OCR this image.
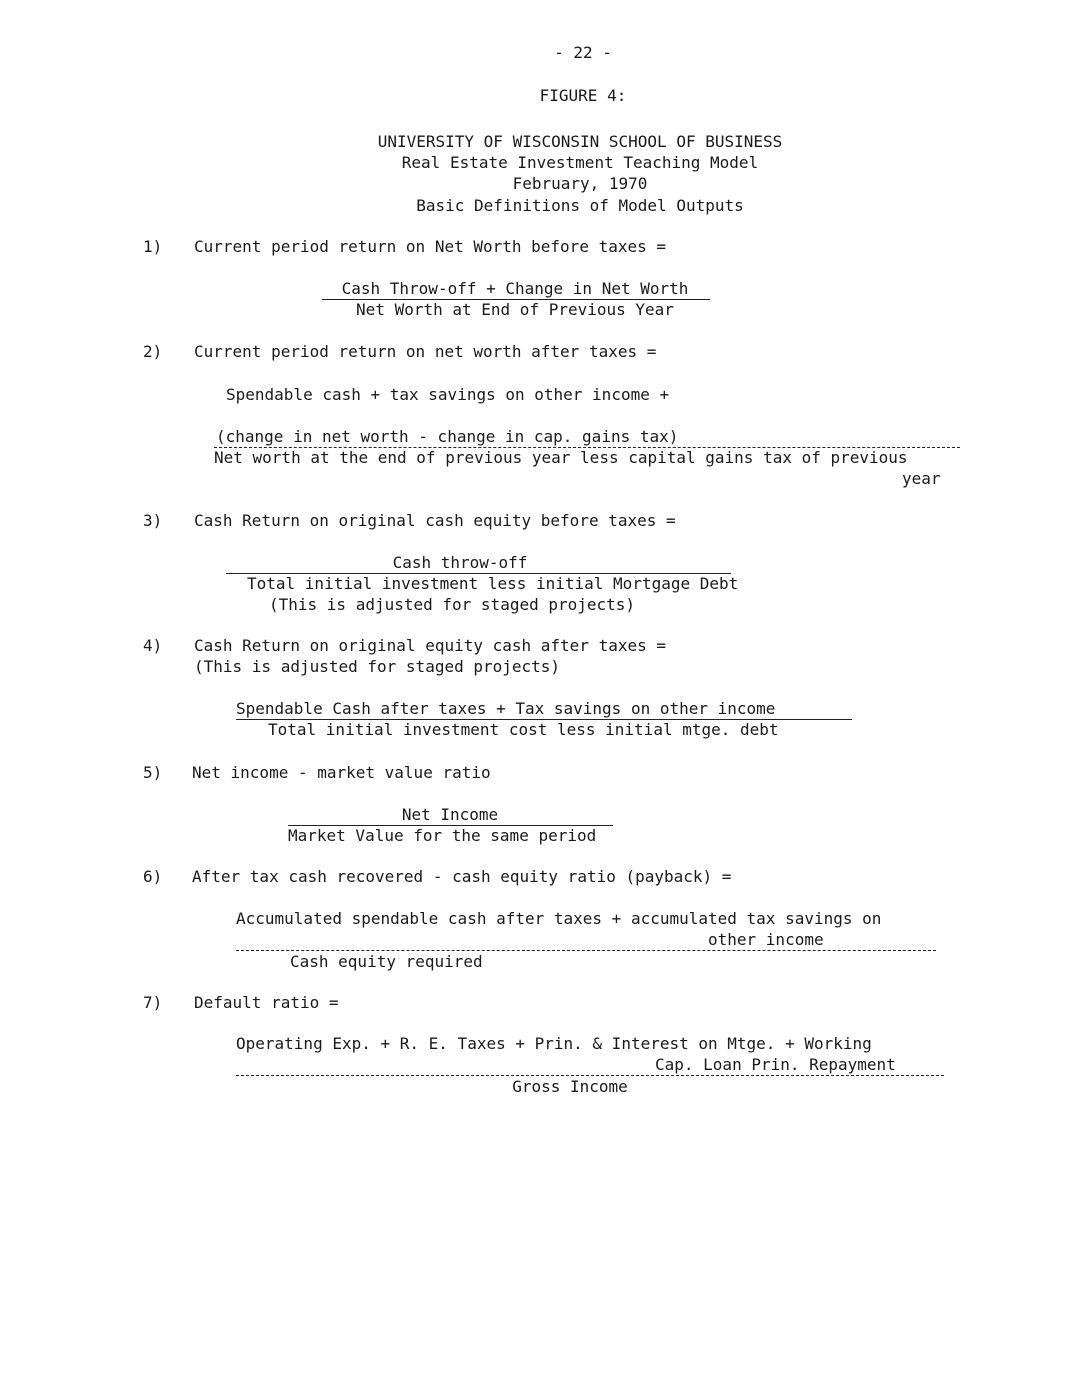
- 22 -
FIGURE 4:
UNIVERSITY OF WISCONSIN SCHOOL OF BUSINESS
Real Estate Investment Teaching Model
February, 1970
Basic Definitions of Model Outputs
1) Current period return on Net Worth before taxes =
Cash Throw-off + Change in Net Worth
Net Worth at End of Previous Year
2) Current period return on net worth after taxes =
Spendable cash + tax savings on other income +
(change in net worth - change in cap. gains tax)
Net worth at the end of previous year less capital gains tax of previous
year
3) Cash Return on original cash equity before taxes =
Cash throw-off
Total initial investment less initial Mortgage Debt
(This is adjusted for staged projects)
4) Cash Return on original equity cash after taxes =
(This is adjusted for staged projects)
Spendable Cash after taxes + Tax savings on other income
Total initial investment cost less initial mtge. debt
5) Net income - market value ratio
Net Income
Market Value for the same period
6) After tax cash recovered - cash equity ratio (payback) =
Accumulated spendable cash after taxes + accumulated tax savings on
other income
Cash equity required
7) Default ratio =
Operating Exp. + R. E. Taxes + Prin. & Interest on Mtge. + Working
Cap. Loan Prin. Repayment
Gross Income
